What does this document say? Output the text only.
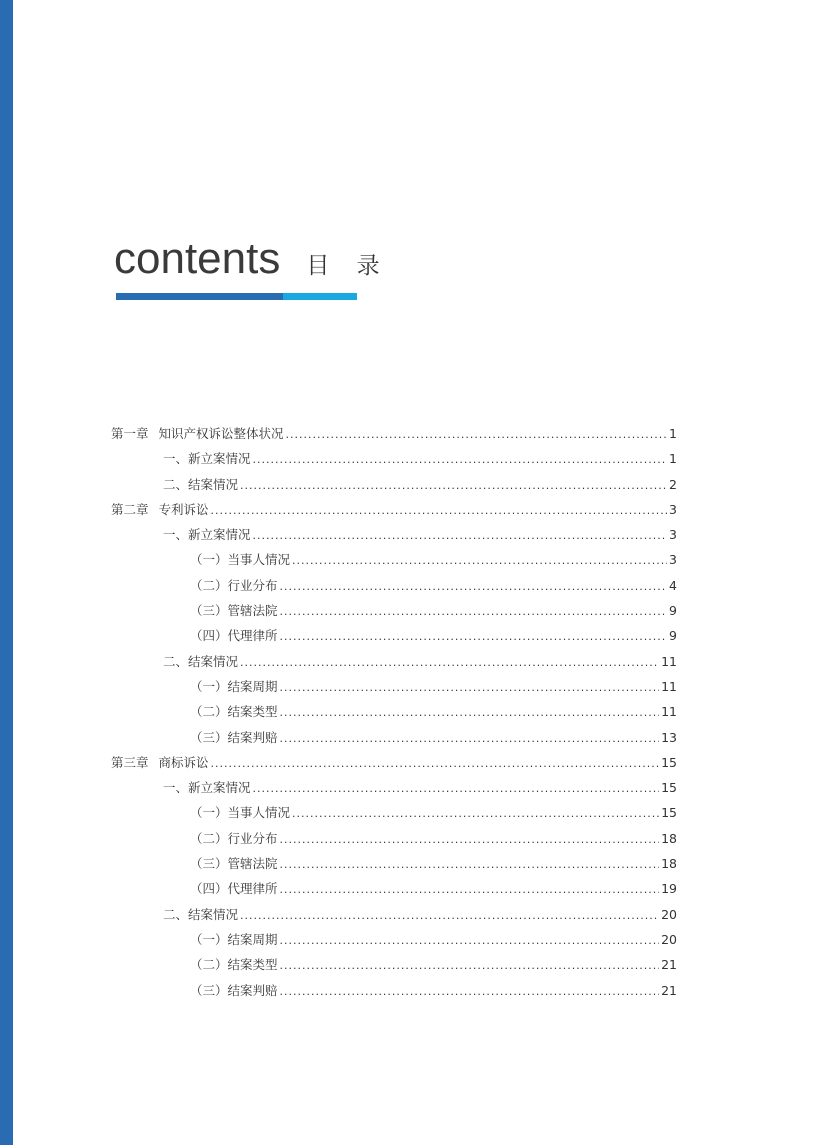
contents 目 录
第一章 知识产权诉讼整体状况 .....	1
一、新立案情况 .....	1
二、结案情况 .....	2
第二章 专利诉讼 .....	3
一、新立案情况 .....	3
（一）当事人情况 .....	3
（二）行业分布 .....	4
（三）管辖法院 .....	9
（四）代理律所 .....	9
二、结案情况 .....	11
（一）结案周期 .....	11
（二）结案类型 .....	11
（三）结案判赔 .....	13
第三章 商标诉讼 .....	15
一、新立案情况 .....	15
（一）当事人情况 .....	15
（二）行业分布 .....	18
（三）管辖法院 .....	18
（四）代理律所 .....	19
二、结案情况 .....	20
（一）结案周期 .....	20
（二）结案类型 .....	21
（三）结案判赔 .....	21
